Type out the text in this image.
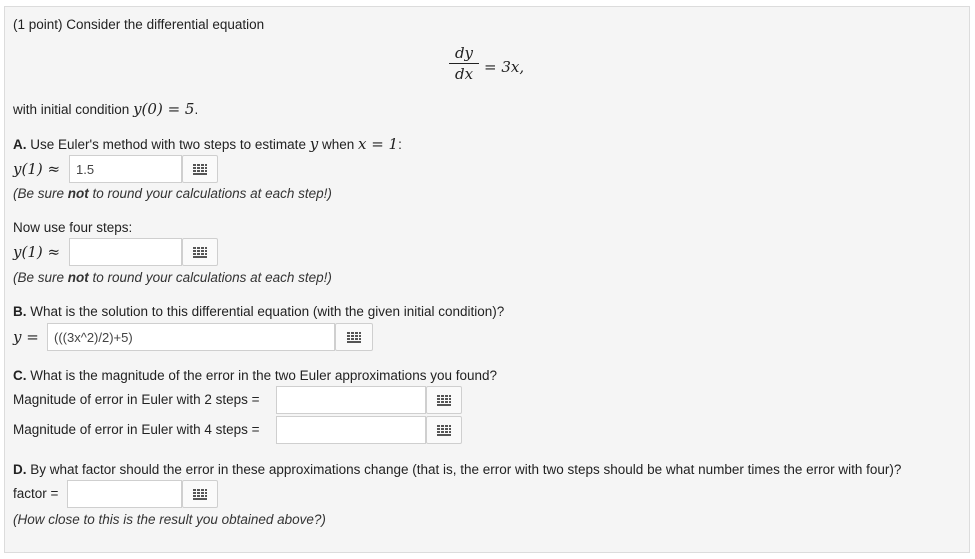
(1 point) Consider the differential equation
$\frac{dy}{dx} = 3x$,
with initial condition y(0) = 5.
A. Use Euler's method with two steps to estimate y when x = 1:
y(1) ≈
1.5
(Be sure not to round your calculations at each step!)
Now use four steps:
y(1) ≈
(Be sure not to round your calculations at each step!)
B. What is the solution to this differential equation (with the given initial condition)?
y =
(((3x^2)/2)+5)
C. What is the magnitude of the error in the two Euler approximations you found?
Magnitude of error in Euler with 2 steps =
Magnitude of error in Euler with 4 steps =
D. By what factor should the error in these approximations change (that is, the error with two steps should be what number times the error with four)?
factor =
(How close to this is the result you obtained above?)
